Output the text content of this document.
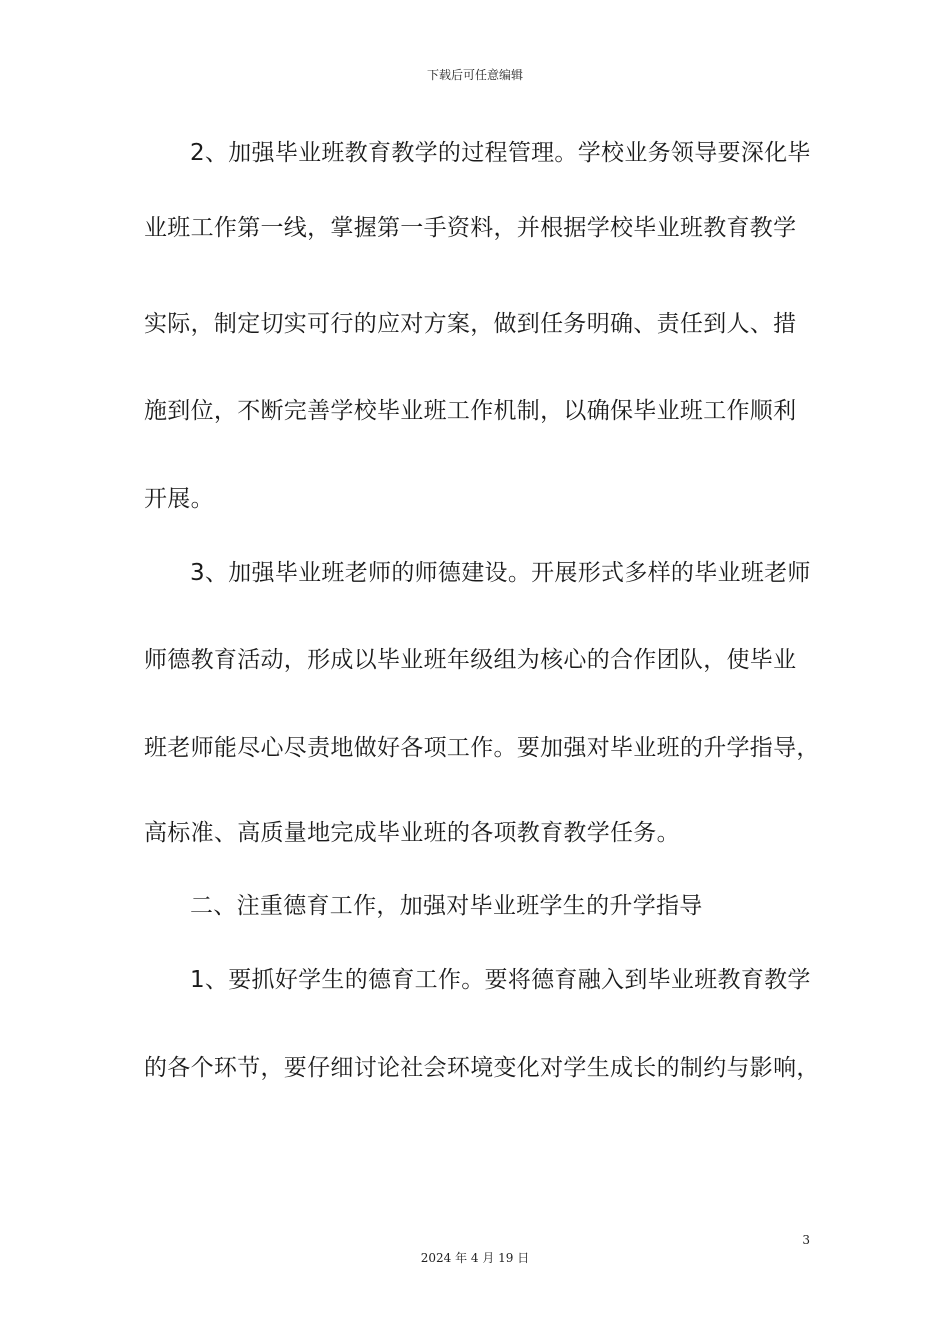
下载后可任意编辑
2、加强毕业班教育教学的过程管理。学校业务领导要深化毕
业班工作第一线，掌握第一手资料，并根据学校毕业班教育教学
实际，制定切实可行的应对方案，做到任务明确、责任到人、措
施到位，不断完善学校毕业班工作机制，以确保毕业班工作顺利
开展。
3、加强毕业班老师的师德建设。开展形式多样的毕业班老师
师德教育活动，形成以毕业班年级组为核心的合作团队，使毕业
班老师能尽心尽责地做好各项工作。要加强对毕业班的升学指导，
高标准、高质量地完成毕业班的各项教育教学任务。
二、注重德育工作，加强对毕业班学生的升学指导
1、要抓好学生的德育工作。要将德育融入到毕业班教育教学
的各个环节，要仔细讨论社会环境变化对学生成长的制约与影响，
3
2024 年 4 月 19 日
